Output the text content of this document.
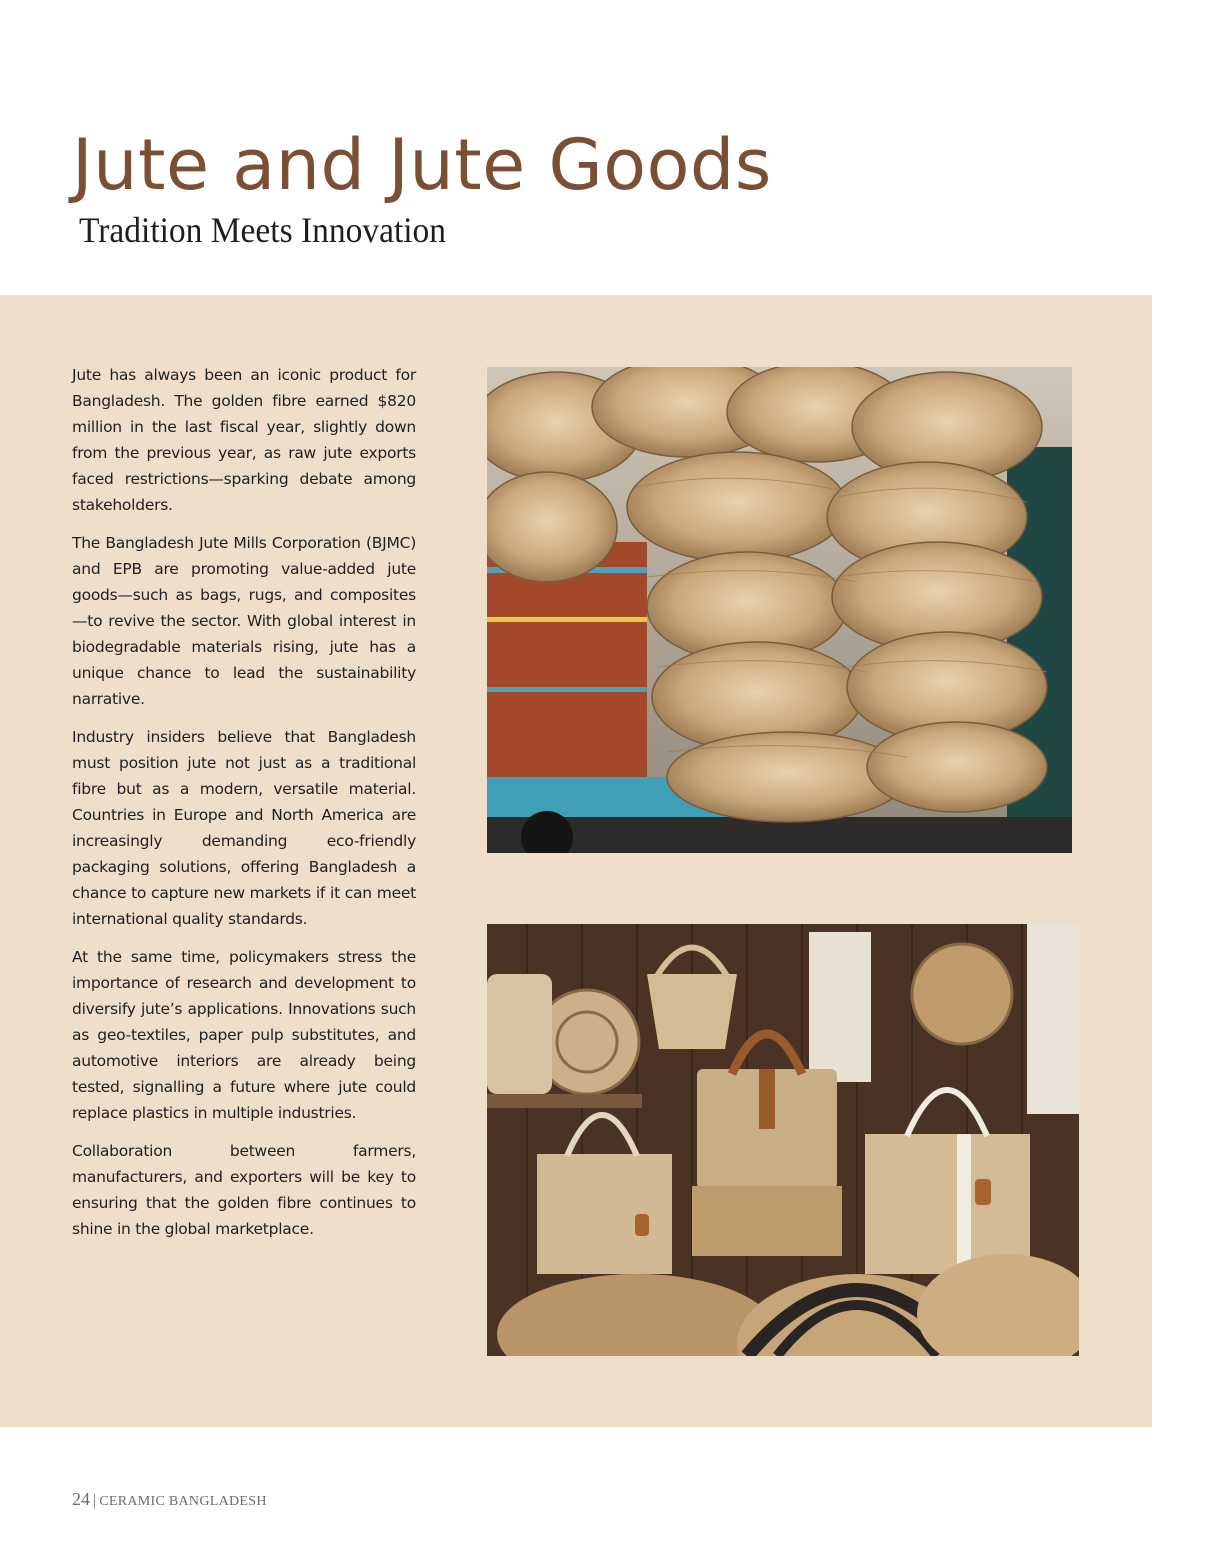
Jute and Jute Goods
Tradition Meets Innovation

Jute has always been an iconic product for Bangladesh. The golden fibre earned $820 million in the last fiscal year, slightly down from the previous year, as raw jute exports faced restrictions—sparking debate among stakeholders.

The Bangladesh Jute Mills Corporation (BJMC) and EPB are promoting value-added jute goods—such as bags, rugs, and composites—to revive the sector. With global interest in biodegradable materials rising, jute has a unique chance to lead the sustainability narrative.

Industry insiders believe that Bangladesh must position jute not just as a traditional fibre but as a modern, versatile material. Countries in Europe and North America are increasingly demanding eco-friendly packaging solutions, offering Bangladesh a chance to capture new markets if it can meet international quality standards.

At the same time, policymakers stress the importance of research and development to diversify jute’s applications. Innovations such as geo-textiles, paper pulp substitutes, and automotive interiors are already being tested, signalling a future where jute could replace plastics in multiple industries.

Collaboration between farmers, manufacturers, and exporters will be key to ensuring that the golden fibre continues to shine in the global marketplace.

24 | CERAMIC BANGLADESH
